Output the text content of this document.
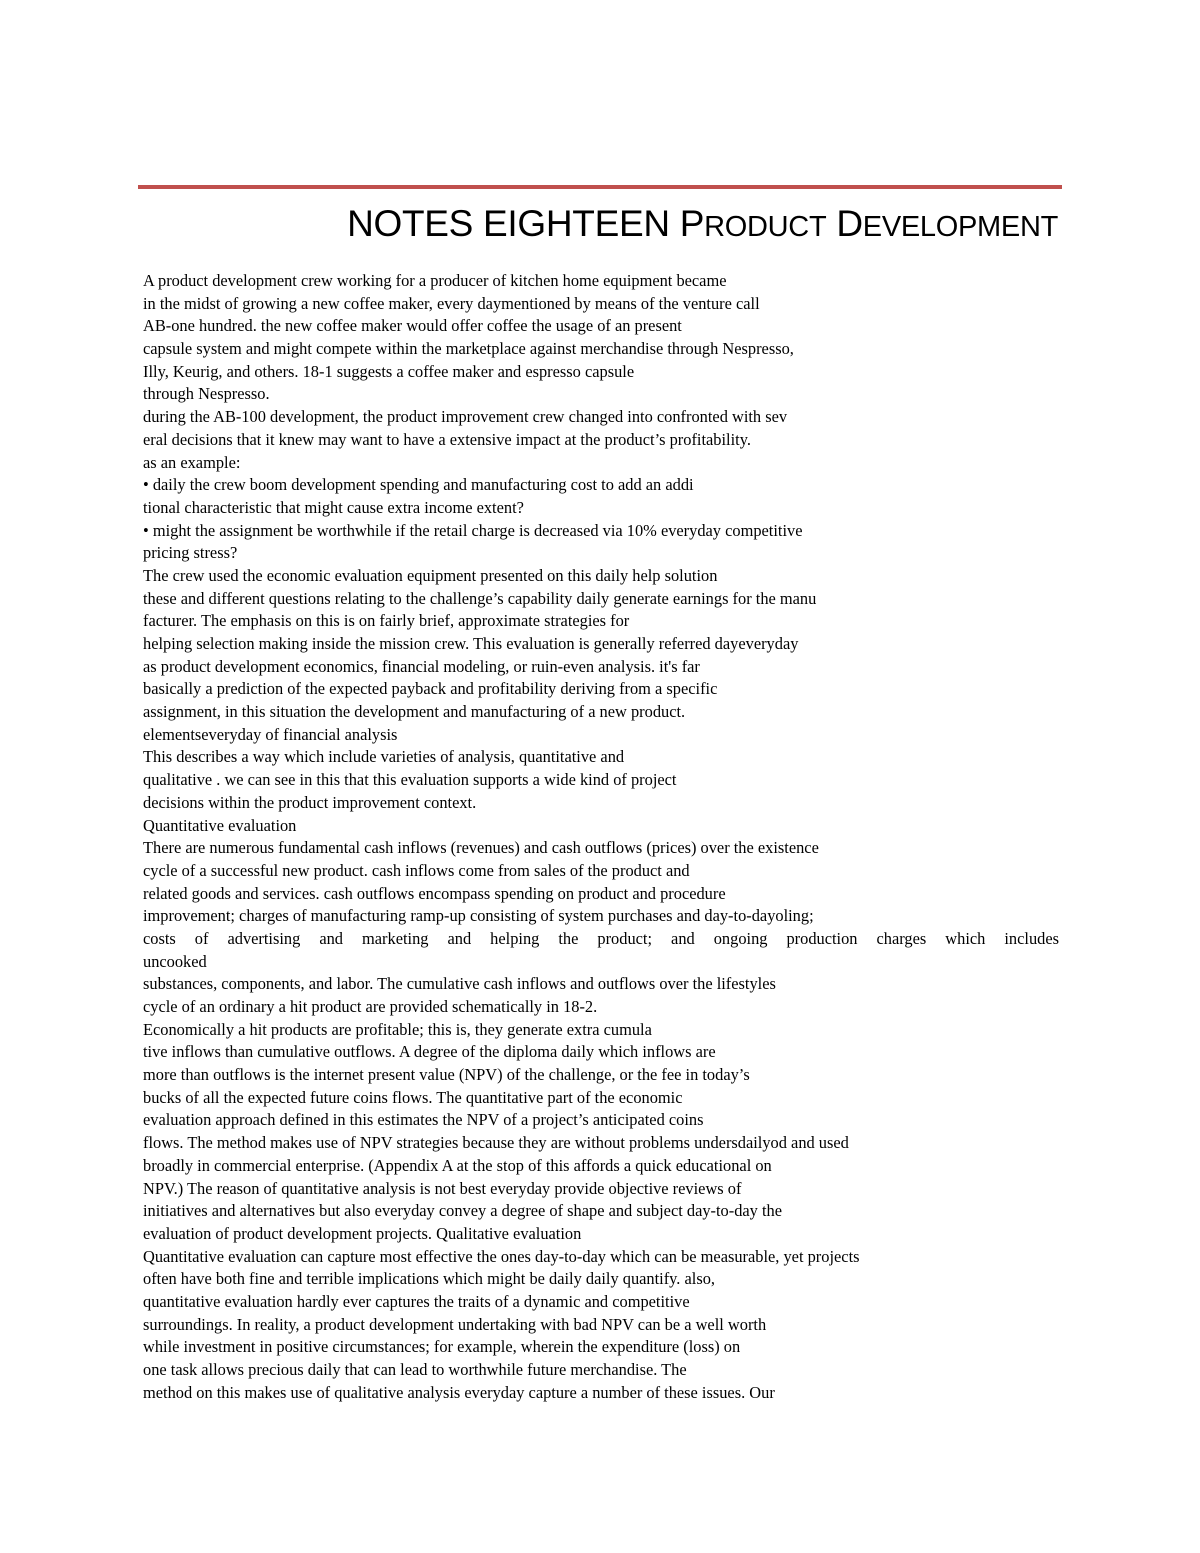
NOTES EIGHTEEN PRODUCT DEVELOPMENT
A product development crew working for a producer of kitchen home equipment became
in the midst of growing a new coffee maker, every daymentioned by means of the venture call
AB-one hundred. the new coffee maker would offer coffee the usage of an present
capsule system and might compete within the marketplace against merchandise through Nespresso,
Illy, Keurig, and others. 18-1 suggests a coffee maker and espresso capsule
through Nespresso.
during the AB-100 development, the product improvement crew changed into confronted with sev
eral decisions that it knew may want to have a extensive impact at the product’s profitability.
as an example:
• daily the crew boom development spending and manufacturing cost to add an addi
tional characteristic that might cause extra income extent?
• might the assignment be worthwhile if the retail charge is decreased via 10% everyday competitive
pricing stress?
The crew used the economic evaluation equipment presented on this daily help solution
these and different questions relating to the challenge’s capability daily generate earnings for the manu
facturer. The emphasis on this is on fairly brief, approximate strategies for
helping selection making inside the mission crew. This evaluation is generally referred dayeveryday
as product development economics, financial modeling, or ruin-even analysis. it's far
basically a prediction of the expected payback and profitability deriving from a specific
assignment, in this situation the development and manufacturing of a new product.
elementseveryday of financial analysis
This describes a way which include varieties of analysis, quantitative and
qualitative . we can see in this that this evaluation supports a wide kind of project
decisions within the product improvement context.
Quantitative evaluation
There are numerous fundamental cash inflows (revenues) and cash outflows (prices) over the existence
cycle of a successful new product. cash inflows come from sales of the product and
related goods and services. cash outflows encompass spending on product and procedure
improvement; charges of manufacturing ramp-up consisting of system purchases and day-to-dayoling;
costs of advertising and marketing and helping the product; and ongoing production charges which includes
uncooked
substances, components, and labor. The cumulative cash inflows and outflows over the lifestyles
cycle of an ordinary a hit product are provided schematically in 18-2.
Economically a hit products are profitable; this is, they generate extra cumula
tive inflows than cumulative outflows. A degree of the diploma daily which inflows are
more than outflows is the internet present value (NPV) of the challenge, or the fee in today’s
bucks of all the expected future coins flows. The quantitative part of the economic
evaluation approach defined in this estimates the NPV of a project’s anticipated coins
flows. The method makes use of NPV strategies because they are without problems undersdailyod and used
broadly in commercial enterprise. (Appendix A at the stop of this affords a quick educational on
NPV.) The reason of quantitative analysis is not best everyday provide objective reviews of
initiatives and alternatives but also everyday convey a degree of shape and subject day-to-day the
evaluation of product development projects. Qualitative evaluation
Quantitative evaluation can capture most effective the ones day-to-day which can be measurable, yet projects
often have both fine and terrible implications which might be daily daily quantify. also,
quantitative evaluation hardly ever captures the traits of a dynamic and competitive
surroundings. In reality, a product development undertaking with bad NPV can be a well worth
while investment in positive circumstances; for example, wherein the expenditure (loss) on
one task allows precious daily that can lead to worthwhile future merchandise. The
method on this makes use of qualitative analysis everyday capture a number of these issues. Our
